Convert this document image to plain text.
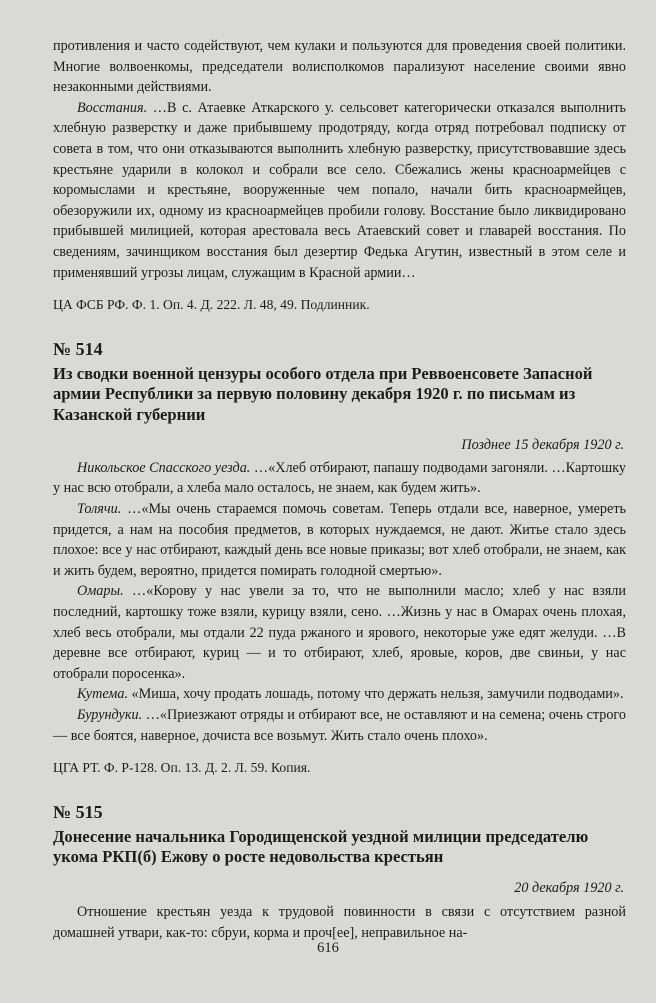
противления и часто содействуют, чем кулаки и пользуются для проведения своей политики. Многие волвоенкомы, председатели волисполкомов парализуют население своими явно незаконными действиями.

Восстания. …В с. Атаевке Аткарского у. сельсовет категорически отказался выполнить хлебную разверстку и даже прибывшему продотряду, когда отряд потребовал подписку от совета в том, что они отказываются выполнить хлебную разверстку, присутствовавшие здесь крестьяне ударили в колокол и собрали все село. Сбежались жены красноармейцев с коромыслами и крестьяне, вооруженные чем попало, начали бить красноармейцев, обезоружили их, одному из красноармейцев пробили голову. Восстание было ликвидировано прибывшей милицией, которая арестовала весь Атаевский совет и главарей восстания. По сведениям, зачинщиком восстания был дезертир Федька Агутин, известный в этом селе и применявший угрозы лицам, служащим в Красной армии…

ЦА ФСБ РФ. Ф. 1. Оп. 4. Д. 222. Л. 48, 49. Подлинник.

№ 514

Из сводки военной цензуры особого отдела при Реввоенсовете Запасной армии Республики за первую половину декабря 1920 г. по письмам из Казанской губернии

Позднее 15 декабря 1920 г.

Никольское Спасского уезда. …«Хлеб отбирают, папашу подводами загоняли. …Картошку у нас всю отобрали, а хлеба мало осталось, не знаем, как будем жить».

Толячи. …«Мы очень стараемся помочь советам. Теперь отдали все, наверное, умереть придется, а нам на пособия предметов, в которых нуждаемся, не дают. Житье стало здесь плохое: все у нас отбирают, каждый день все новые приказы; вот хлеб отобрали, не знаем, как и жить будем, вероятно, придется помирать голодной смертью».

Омары. …«Корову у нас увели за то, что не выполнили масло; хлеб у нас взяли последний, картошку тоже взяли, курицу взяли, сено. …Жизнь у нас в Омарах очень плохая, хлеб весь отобрали, мы отдали 22 пуда ржаного и ярового, некоторые уже едят желуди. …В деревне все отбирают, куриц — и то отбирают, хлеб, яровые, коров, две свиньи, у нас отобрали поросенка».

Кутема. «Миша, хочу продать лошадь, потому что держать нельзя, замучили подводами».

Бурундуки. …«Приезжают отряды и отбирают все, не оставляют и на семена; очень строго — все боятся, наверное, дочиста все возьмут. Жить стало очень плохо».

ЦГА РТ. Ф. Р-128. Оп. 13. Д. 2. Л. 59. Копия.

№ 515

Донесение начальника Городищенской уездной милиции председателю укома РКП(б) Ежову о росте недовольства крестьян

20 декабря 1920 г.

Отношение крестьян уезда к трудовой повинности в связи с отсутствием разной домашней утвари, как-то: сбруи, корма и проч[ее], неправильное на-

616
